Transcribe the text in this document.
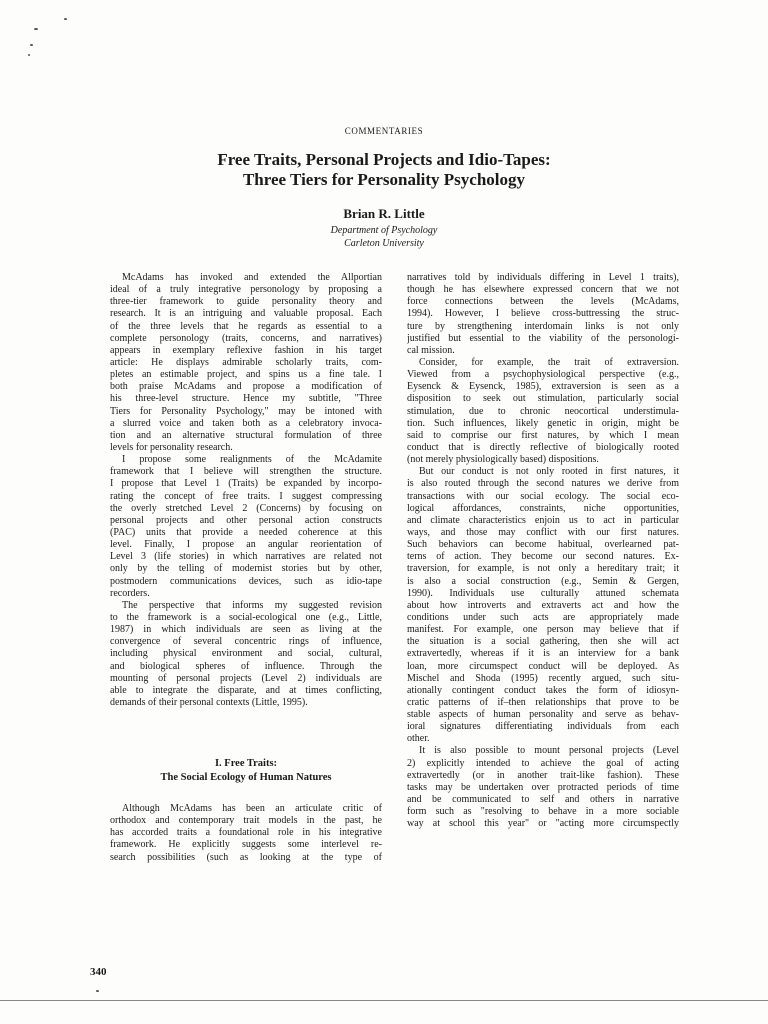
COMMENTARIES
Free Traits, Personal Projects and Idio-Tapes:
Three Tiers for Personality Psychology
Brian R. Little
Department of Psychology
Carleton University
McAdams has invoked and extended the Allportian
ideal of a truly integrative personology by proposing a
three-tier framework to guide personality theory and
research. It is an intriguing and valuable proposal. Each
of the three levels that he regards as essential to a
complete personology (traits, concerns, and narratives)
appears in exemplary reflexive fashion in his target
article: He displays admirable scholarly traits, com-
pletes an estimable project, and spins us a fine tale. I
both praise McAdams and propose a modification of
his three-level structure. Hence my subtitle, "Three
Tiers for Personality Psychology," may be intoned with
a slurred voice and taken both as a celebratory invoca-
tion and an alternative structural formulation of three
levels for personality research.
I propose some realignments of the McAdamite
framework that I believe will strengthen the structure.
I propose that Level 1 (Traits) be expanded by incorpo-
rating the concept of free traits. I suggest compressing
the overly stretched Level 2 (Concerns) by focusing on
personal projects and other personal action constructs
(PAC) units that provide a needed coherence at this
level. Finally, I propose an angular reorientation of
Level 3 (life stories) in which narratives are related not
only by the telling of modernist stories but by other,
postmodern communications devices, such as idio-tape
recorders.
The perspective that informs my suggested revision
to the framework is a social-ecological one (e.g., Little,
1987) in which individuals are seen as living at the
convergence of several concentric rings of influence,
including physical environment and social, cultural,
and biological spheres of influence. Through the
mounting of personal projects (Level 2) individuals are
able to integrate the disparate, and at times conflicting,
demands of their personal contexts (Little, 1995).
I. Free Traits:
The Social Ecology of Human Natures
Although McAdams has been an articulate critic of
orthodox and contemporary trait models in the past, he
has accorded traits a foundational role in his integrative
framework. He explicitly suggests some interlevel re-
search possibilities (such as looking at the type of
narratives told by individuals differing in Level 1 traits),
though he has elsewhere expressed concern that we not
force connections between the levels (McAdams,
1994). However, I believe cross-buttressing the struc-
ture by strengthening interdomain links is not only
justified but essential to the viability of the personologi-
cal mission.
Consider, for example, the trait of extraversion.
Viewed from a psychophysiological perspective (e.g.,
Eysenck & Eysenck, 1985), extraversion is seen as a
disposition to seek out stimulation, particularly social
stimulation, due to chronic neocortical understimula-
tion. Such influences, likely genetic in origin, might be
said to comprise our first natures, by which I mean
conduct that is directly reflective of biologically rooted
(not merely physiologically based) dispositions.
But our conduct is not only rooted in first natures, it
is also routed through the second natures we derive from
transactions with our social ecology. The social eco-
logical affordances, constraints, niche opportunities,
and climate characteristics enjoin us to act in particular
ways, and those may conflict with our first natures.
Such behaviors can become habitual, overlearned pat-
terns of action. They become our second natures. Ex-
traversion, for example, is not only a hereditary trait; it
is also a social construction (e.g., Semin & Gergen,
1990). Individuals use culturally attuned schemata
about how introverts and extraverts act and how the
conditions under such acts are appropriately made
manifest. For example, one person may believe that if
the situation is a social gathering, then she will act
extravertedly, whereas if it is an interview for a bank
loan, more circumspect conduct will be deployed. As
Mischel and Shoda (1995) recently argued, such situ-
ationally contingent conduct takes the form of idiosyn-
cratic patterns of if–then relationships that prove to be
stable aspects of human personality and serve as behav-
ioral signatures differentiating individuals from each
other.
It is also possible to mount personal projects (Level
2) explicitly intended to achieve the goal of acting
extravertedly (or in another trait-like fashion). These
tasks may be undertaken over protracted periods of time
and be communicated to self and others in narrative
form such as "resolving to behave in a more sociable
way at school this year" or "acting more circumspectly
340
